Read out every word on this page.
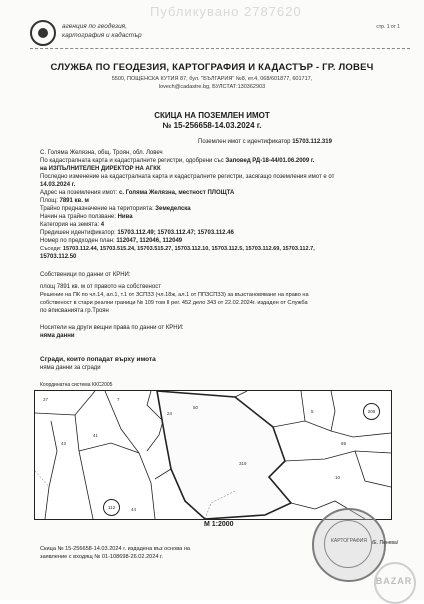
Публикувано 2787620
агенция по геодезия,
картография и кадастър
стр. 1 от 1
СЛУЖБА ПО ГЕОДЕЗИЯ, КАРТОГРАФИЯ И КАДАСТЪР - ГР. ЛОВЕЧ
5500, ПОЩЕНСКА КУТИЯ 87, бул. "БЪЛГАРИЯ" №8, ет.4, 068/601877, 601717,
lovech@cadastre.bg, БУЛСТАТ:130362903
СКИЦА НА ПОЗЕМЛЕН ИМОТ
№ 15-256658-14.03.2024 г.
Поземлен имот с идентификатор 15703.112.319
С. Голяма Желязна, общ. Троян, обл. Ловеч
По кадастралната карта и кадастралните регистри, одобрени със Заповед РД-18-44/01.06.2009 г.
на ИЗПЪЛНИТЕЛЕН ДИРЕКТОР НА АГКК
Последно изменение на кадастралната карта и кадастралните регистри, засягащо поземления имот е от
14.03.2024 г.
Адрес на поземления имот: с. Голяма Желязна, местност ПЛОЩТА
Площ: 7891 кв. м
Трайно предназначение на територията: Земеделска
Начин на трайно ползване: Нива
Категория на земята: 4
Предишен идентификатор: 15703.112.49; 15703.112.47; 15703.112.46
Номер по предходен план: 112047, 112046, 112049
Съседи: 15703.112.44, 15703.515.24, 15703.515.27, 15703.112.10, 15703.112.5, 15703.112.69, 15703.112.7,
15703.112.50
Собственици по данни от КРНИ:
площ 7891 кв. м от правото на собственост
Решение на ПК по чл.14, ал.1, т.1 от ЗСПЗЗ (чл.18ж, ал.1 от ППЗСПЗЗ) за възстановяване на право на
собственост в стари реални граници № 109 том II рег. 452 дело 343 от 22.02.2024г. издаден от Служба
по вписванията гр.Троян
Носители на други вещни права по данни от КРНИ:
няма данни
Сгради, които попадат върху имота
няма данни за сгради
Координатна система ККС2005
319
10
69
7
5
44
43
41
50
24
27
200
112
М 1:2000
КАРТОГРАФИЯ	/Е. Пенева/
Скица № 15-256658-14.03.2024 г. издадена въз основа на
заявление с входящ № 01-108698-26.02.2024 г.
BAZAR
